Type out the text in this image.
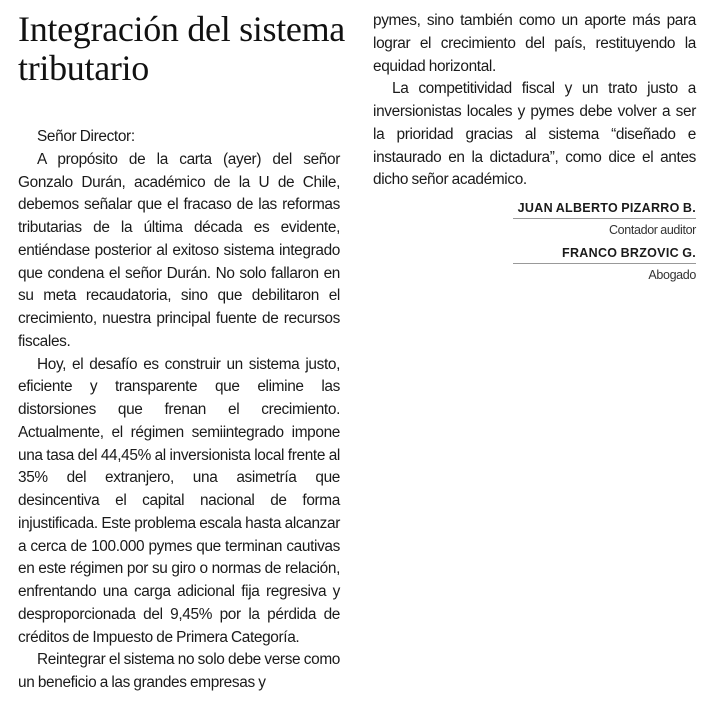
Integración del sistema tributario

Señor Director:

A propósito de la carta (ayer) del señor Gonzalo Durán, académico de la U de Chile, debemos señalar que el fracaso de las reformas tributarias de la última década es evidente, entiéndase posterior al exitoso sistema integrado que condena el señor Durán. No solo fallaron en su meta recaudatoria, sino que debilitaron el crecimiento, nuestra principal fuente de recursos fiscales.

Hoy, el desafío es construir un sistema justo, eficiente y transparente que elimine las distorsiones que frenan el crecimiento. Actualmente, el régimen semiintegrado impone una tasa del 44,45% al inversionista local frente al 35% del extranjero, una asimetría que desincentiva el capital nacional de forma injustificada. Este problema escala hasta alcanzar a cerca de 100.000 pymes que terminan cautivas en este régimen por su giro o normas de relación, enfrentando una carga adicional fija regresiva y desproporcionada del 9,45% por la pérdida de créditos de Impuesto de Primera Categoría.

Reintegrar el sistema no solo debe verse como un beneficio a las grandes empresas y

pymes, sino también como un aporte más para lograr el crecimiento del país, restituyendo la equidad horizontal.

La competitividad fiscal y un trato justo a inversionistas locales y pymes debe volver a ser la prioridad gracias al sistema “diseñado e instaurado en la dictadura”, como dice el antes dicho señor académico.

JUAN ALBERTO PIZARRO B.
Contador auditor
FRANCO BRZOVIC G.
Abogado
